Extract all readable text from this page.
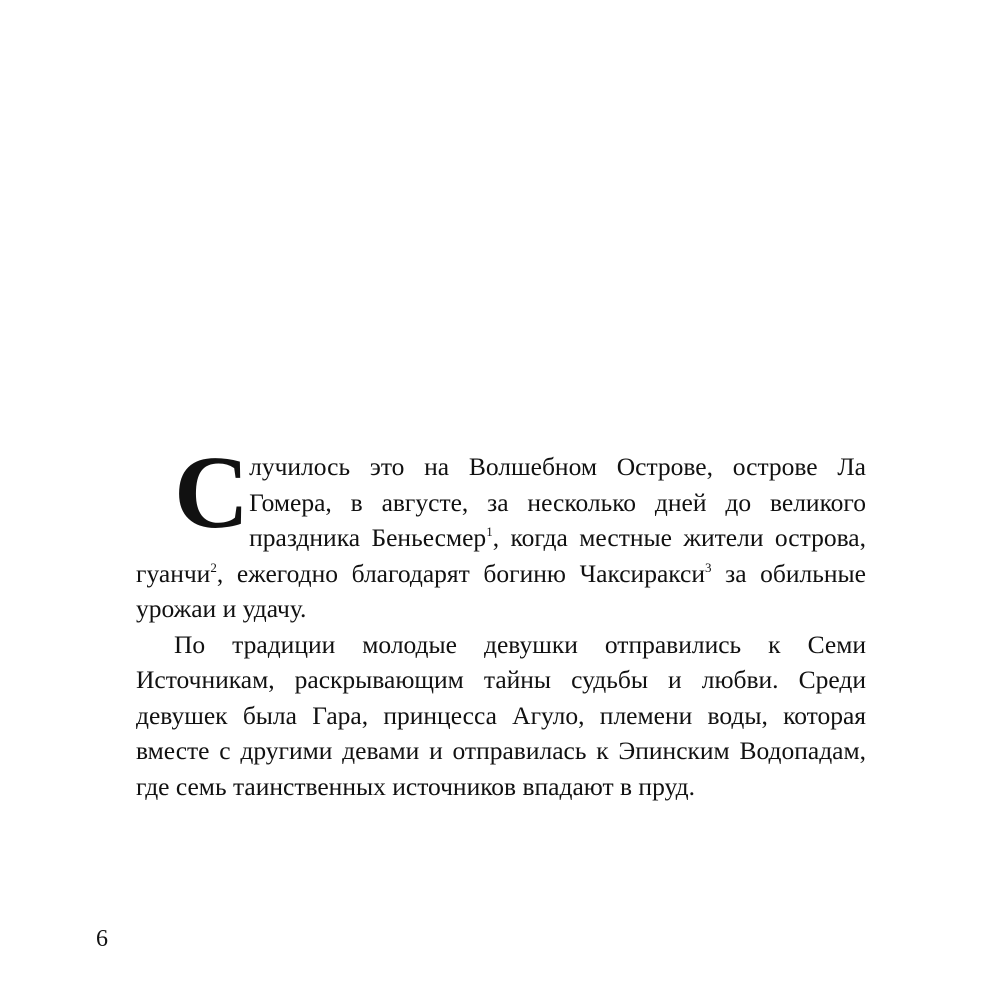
Случилось это на Волшебном Острове, острове Ла Гомера, в августе, за несколько дней до великого праздника Беньесмер$^1$, когда местные жители острова, гуанчи$^2$, ежегодно благодарят богиню Чаксиракси$^3$ за обильные урожаи и удачу.

По традиции молодые девушки отправились к Семи Источникам, раскрывающим тайны судьбы и любви. Среди девушек была Гара, принцесса Агуло, племени воды, которая вместе с другими девами и отправилась к Эпинским Водопадам, где семь таинственных источников впадают в пруд.

6
